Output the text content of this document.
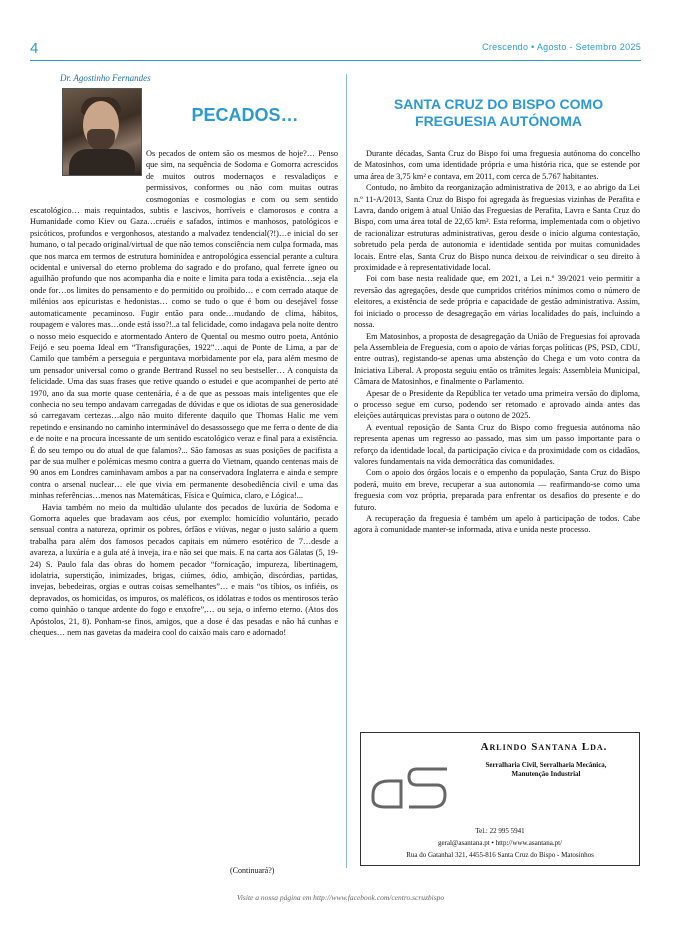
4	Crescendo • Agosto - Setembro 2025
Dr. Agostinho Fernandes
PECADOS…

Os pecados de ontem são os mesmos de hoje?… Penso que sim, na sequência de Sodoma e Gomorra acrescidos de muitos outros modernaços e resvaladiços e permissivos, conformes ou não com muitas outras cosmogonias e cosmologias e com ou sem sentido escatológico… mais requintados, subtis e lascivos, horríveis e clamorosos e contra a Humanidade como Kiev ou Gaza…cruéis e safados, íntimos e manhosos, patológicos e psicóticos, profundos e vergonhosos, atestando a malvadez tendencial(?!)…e inicial do ser humano, o tal pecado original/virtual de que não temos consciência nem culpa formada, mas que nos marca em termos de estrutura hominídea e antropológica essencial perante a cultura ocidental e universal do eterno problema do sagrado e do profano, qual ferrete ígneo ou aguilhão profundo que nos acompanha dia e noite e limita para toda a existência…seja ela onde for…os limites do pensamento e do permitido ou proibido… e com cerrado ataque de milénios aos epicuristas e hedonistas… como se tudo o que é bom ou desejável fosse automaticamente pecaminoso. Fugir então para onde…mudando de clima, hábitos, roupagem e valores mas…onde está isso?!..a tal felicidade, como indagava pela noite dentro o nosso meio esquecido e atormentado Antero de Quental ou mesmo outro poeta, António Feijó e seu poema Ideal em “Transfigurações, 1922”…aqui de Ponte de Lima, a par de Camilo que também a perseguia e perguntava morbidamente por ela, para além mesmo de um pensador universal como o grande Bertrand Russel no seu bestseller… A conquista da felicidade. Uma das suas frases que retive quando o estudei e que acompanhei de perto até 1970, ano da sua morte quase centenária, é a de que as pessoas mais inteligentes que ele conhecia no seu tempo andavam carregadas de dúvidas e que os idiotas de sua generosidade só carregavam certezas…algo não muito diferente daquilo que Thomas Halic me vem repetindo e ensinando no caminho interminável do desassossego que me ferra o dente de dia e de noite e na procura incessante de um sentido escatológico veraz e final para a existência. É do seu tempo ou do atual de que falamos?... São famosas as suas posições de pacifista a par de sua mulher e polémicas mesmo contra a guerra do Vietnam, quando centenas mais de 90 anos em Londres caminhavam ambos a par na conservadora Inglaterra e ainda e sempre contra o arsenal nuclear… ele que vivia em permanente desobediência civil e uma das minhas referências…menos nas Matemáticas, Física e Química, claro, e Lógica!...

Havia também no meio da multidão ululante dos pecados de luxúria de Sodoma e Gomorra aqueles que bradavam aos céus, por exemplo: homicídio voluntário, pecado sensual contra a natureza, oprimir os pobres, órfãos e viúvas, negar o justo salário a quem trabalha para além dos famosos pecados capitais em número esotérico de 7…desde a avareza, a luxúria e a gula até à inveja, ira e não sei que mais. E na carta aos Gálatas (5, 19-24) S. Paulo fala das obras do homem pecador “fornicação, impureza, libertinagem, idolatria, superstição, inimizades, brigas, ciúmes, ódio, ambição, discórdias, partidas, invejas, bebedeiras, orgias e outras coisas semelhantes”… e mais “os tíbios, os infiéis, os depravados, os homicidas, os impuros, os maléficos, os idólatras e todos os mentirosos terão como quinhão o tanque ardente do fogo e enxofre”,… ou seja, o inferno eterno. (Atos dos Apóstolos, 21, 8). Ponham-se finos, amigos, que a dose é das pesadas e não há cunhas e cheques… nem nas gavetas da madeira cool do caixão mais caro e adornado!

(Continuará?)
SANTA CRUZ DO BISPO COMO FREGUESIA AUTÓNOMA

Durante décadas, Santa Cruz do Bispo foi uma freguesia autónoma do concelho de Matosinhos, com uma identidade própria e uma história rica, que se estende por uma área de 3,75 km² e contava, em 2011, com cerca de 5.767 habitantes.

Contudo, no âmbito da reorganização administrativa de 2013, e ao abrigo da Lei n.º 11-A/2013, Santa Cruz do Bispo foi agregada às freguesias vizinhas de Perafita e Lavra, dando origem à atual União das Freguesias de Perafita, Lavra e Santa Cruz do Bispo, com uma área total de 22,65 km². Esta reforma, implementada com o objetivo de racionalizar estruturas administrativas, gerou desde o início alguma contestação, sobretudo pela perda de autonomia e identidade sentida por muitas comunidades locais. Entre elas, Santa Cruz do Bispo nunca deixou de reivindicar o seu direito à proximidade e à representatividade local.

Foi com base nesta realidade que, em 2021, a Lei n.º 39/2021 veio permitir a reversão das agregações, desde que cumpridos critérios mínimos como o número de eleitores, a existência de sede própria e capacidade de gestão administrativa. Assim, foi iniciado o processo de desagregação em várias localidades do país, incluindo a nossa.

Em Matosinhos, a proposta de desagregação da União de Freguesias foi aprovada pela Assembleia de Freguesia, com o apoio de várias forças políticas (PS, PSD, CDU, entre outras), registando-se apenas uma abstenção do Chega e um voto contra da Iniciativa Liberal. A proposta seguiu então os trâmites legais: Assembleia Municipal, Câmara de Matosinhos, e finalmente o Parlamento.

Apesar de o Presidente da República ter vetado uma primeira versão do diploma, o processo segue em curso, podendo ser retomado e aprovado ainda antes das eleições autárquicas previstas para o outono de 2025.

A eventual reposição de Santa Cruz do Bispo como freguesia autónoma não representa apenas um regresso ao passado, mas sim um passo importante para o reforço da identidade local, da participação cívica e da proximidade com os cidadãos, valores fundamentais na vida democrática das comunidades.

Com o apoio dos órgãos locais e o empenho da população, Santa Cruz do Bispo poderá, muito em breve, recuperar a sua autonomia — reafirmando-se como uma freguesia com voz própria, preparada para enfrentar os desafios do presente e do futuro.

A recuperação da freguesia é também um apelo à participação de todos. Cabe agora à comunidade manter-se informada, ativa e unida neste processo.

Arlindo Santana Lda.
Serralharia Civil, Serralharia Mecânica,
Manutenção Industrial
Tel.: 22 995 5941
geral@asantana.pt • http://www.asantana.pt/
Rua do Gatanhal 321, 4455-816 Santa Cruz do Bispo - Matosinhos
Visite a nossa página em http://www.facebook.com/centro.scruzbispo
